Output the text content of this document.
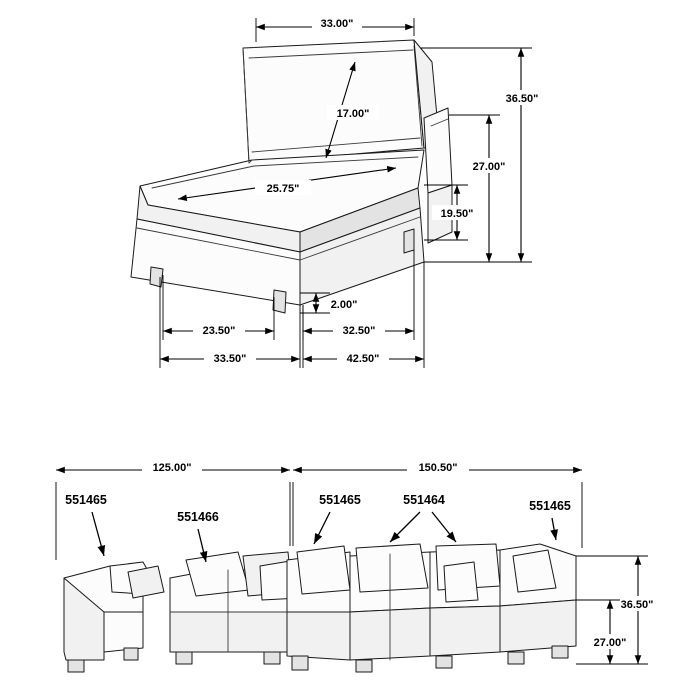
33.00"
17.00"
25.75"
36.50"
27.00"
19.50"
2.00"
23.50"
33.50"
32.50"
42.50"
125.00"	150.50"
36.50"
27.00"
551465
551466
551465	551464	551465
